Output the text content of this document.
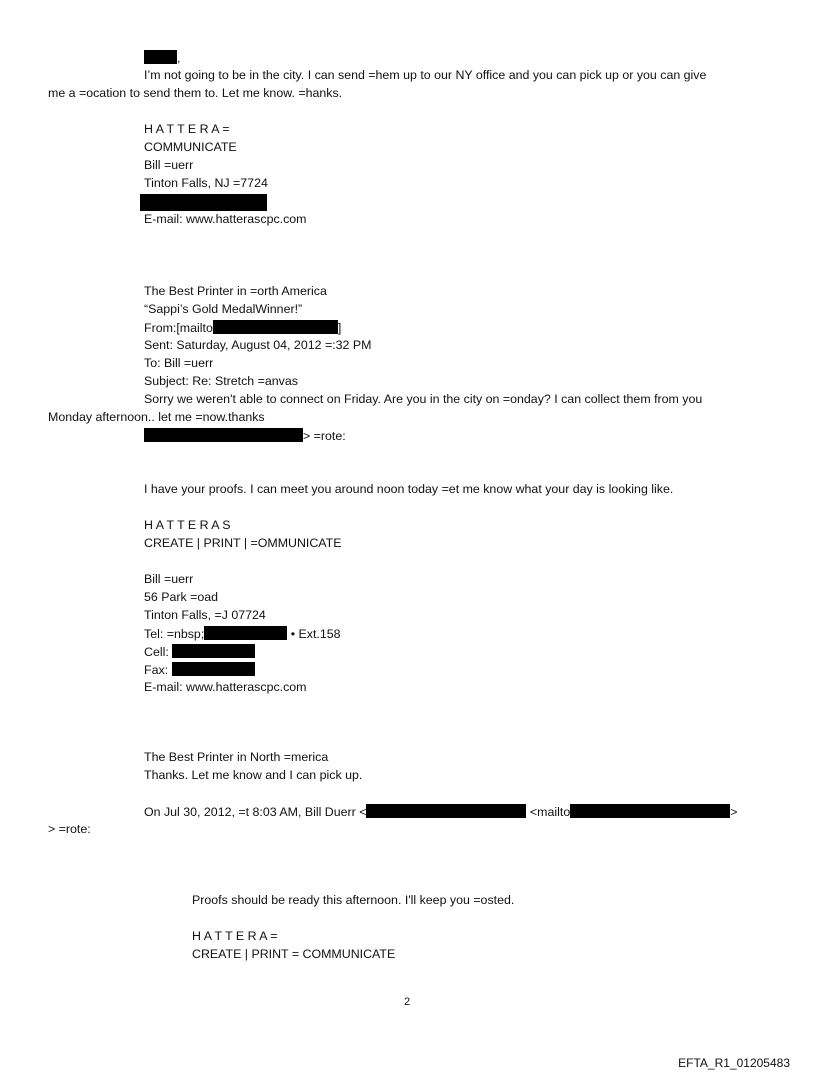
,
I’m not going to be in the city. I can send =hem up to our NY office and you can pick up or you can give
me a =ocation to send them to. Let me know. =hanks.
H A T T E R A =
COMMUNICATE
Bill =uerr
Tinton Falls, NJ =7724
E-mail: www.hatterascpc.com
The Best Printer in =orth America
“Sappi’s Gold MedalWinner!”
From:[mailto	]
Sent: Saturday, August 04, 2012 =:32 PM
To: Bill =uerr
Subject: Re: Stretch =anvas
Sorry we weren't able to connect on Friday. Are you in the city on =onday? I can collect them from you
Monday afternoon.. let me =now.thanks
> =rote:
I have your proofs. I can meet you around noon today =et me know what your day is looking like.
H A T T E R A S
CREATE | PRINT | =OMMUNICATE
Bill =uerr
56 Park =oad
Tinton Falls, =J 07724
Tel: =nbsp;	• Ext.158
Cell:
Fax:
E-mail: www.hatterascpc.com
The Best Printer in North =merica
Thanks. Let me know and I can pick up.
On Jul 30, 2012, =t 8:03 AM, Bill Duerr <	<mailto	>
> =rote:
Proofs should be ready this afternoon. I'll keep you =osted.
H A T T E R A =
CREATE | PRINT = COMMUNICATE
2
EFTA_R1_01205483
